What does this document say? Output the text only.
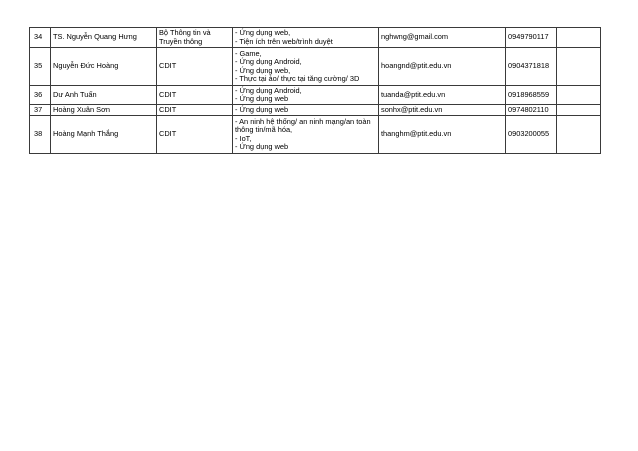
34	TS. Nguyễn Quang Hưng	Bộ Thông tin và
Truyền thông	- Ứng dụng web,
- Tiện ích trên web/trình duyệt	nghwng@gmail.com	0949790117	
35	Nguyễn Đức Hoàng	CDIT	- Game,
- Ứng dụng Android,
- Ứng dụng web,
- Thực tại ảo/ thực tại tăng cường/ 3D	hoangnd@ptit.edu.vn	0904371818	
36	Dư Anh Tuấn	CDIT	- Ứng dụng Android,
- Ứng dụng web	tuanda@ptit.edu.vn	0918968559	
37	Hoàng Xuân Sơn	CDIT	- Ứng dụng web	sonhx@ptit.edu.vn	0974802110	
38	Hoàng Mạnh Thắng	CDIT	- An ninh hệ thống/ an ninh mạng/an toàn
thông tin/mã hóa,
- IoT,
- Ứng dụng web	thanghm@ptit.edu.vn	0903200055	
